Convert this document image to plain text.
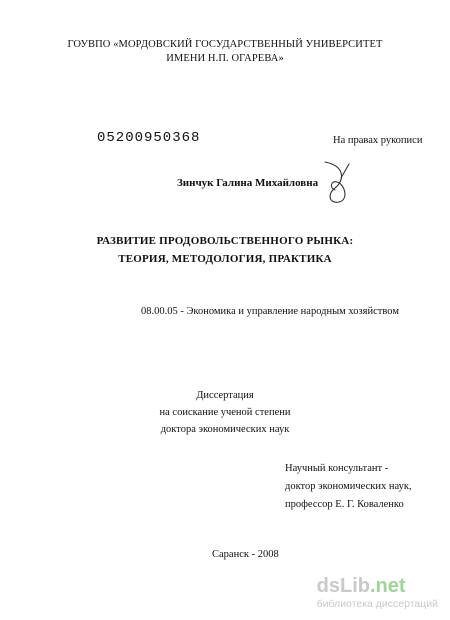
ГОУВПО «МОРДОВСКИЙ ГОСУДАРСТВЕННЫЙ УНИВЕРСИТЕТ
ИМЕНИ Н.П. ОГАРЕВА»
05200950368	На правах рукописи
Зинчук Галина Михайловна
РАЗВИТИЕ ПРОДОВОЛЬСТВЕННОГО РЫНКА:
ТЕОРИЯ, МЕТОДОЛОГИЯ, ПРАКТИКА
08.00.05 - Экономика и управление народным хозяйством
Диссертация
на соискание ученой степени
доктора экономических наук
Научный консультант -
доктор экономических наук,
профессор Е. Г. Коваленко
Саранск - 2008
dsLib.net
библиотека диссертаций
